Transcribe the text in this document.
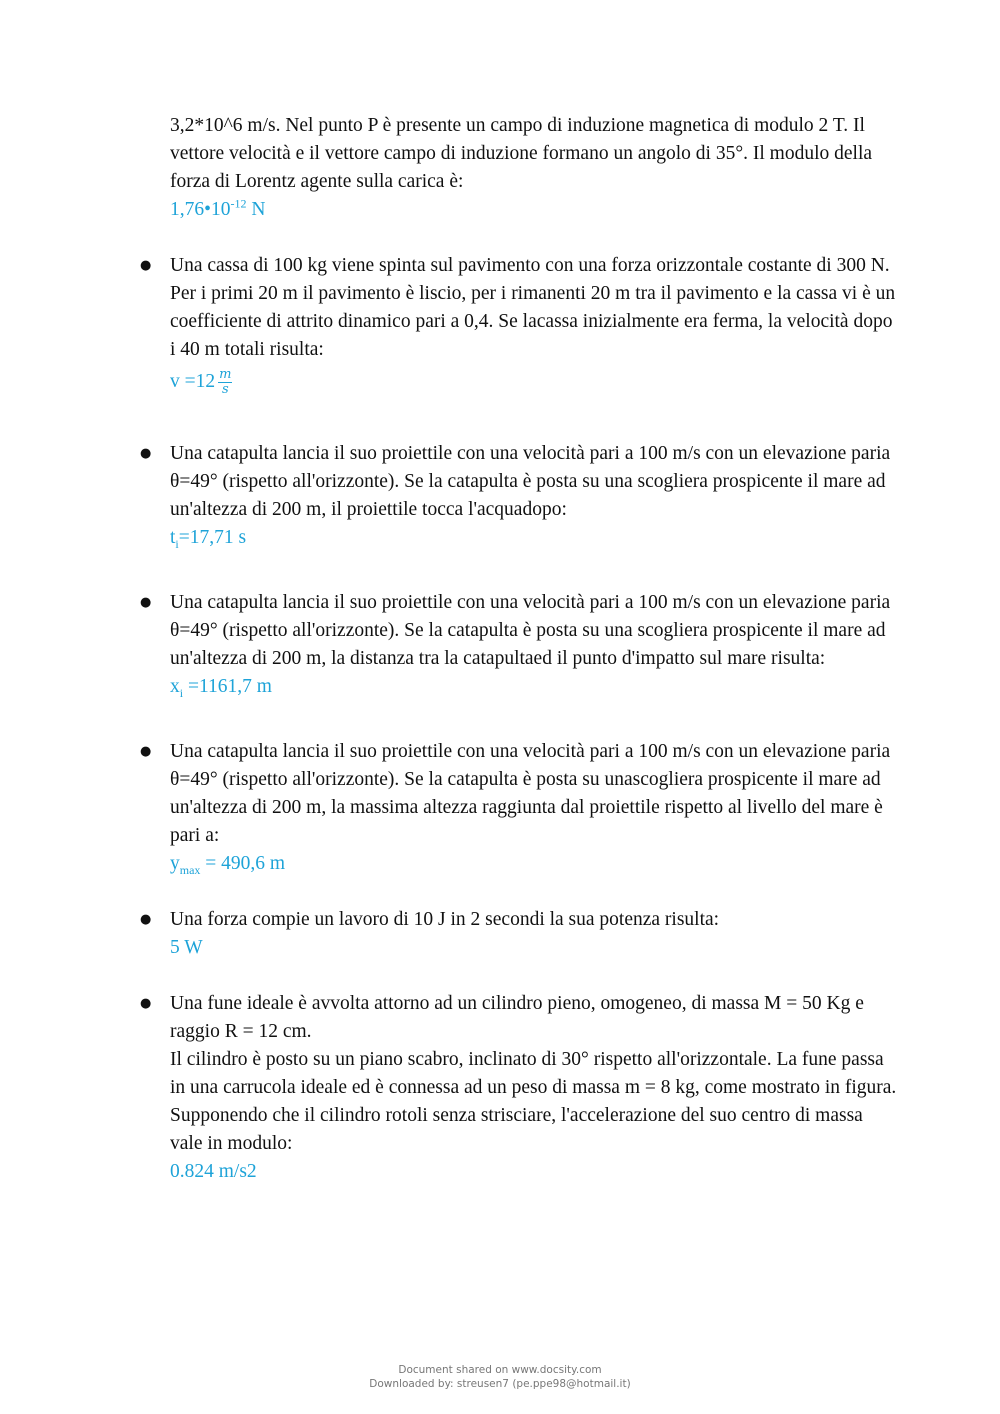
3,2*10^6 m/s. Nel punto P è presente un campo di induzione magnetica di modulo 2 T. Il vettore velocità e il vettore campo di induzione formano un angolo di 35°. Il modulo della forza di Lorentz agente sulla carica è:

$1,76•10^{-12}$ N

● Una cassa di 100 kg viene spinta sul pavimento con una forza orizzontale costante di 300 N. Per i primi 20 m il pavimento è liscio, per i rimanenti 20 m tra il pavimento e la cassa vi è un coefficiente di attrito dinamico pari a 0,4. Se lacassa inizialmente era ferma, la velocità dopo i 40 m totali risulta:

$v =12 \frac{m}{s}$

● Una catapulta lancia il suo proiettile con una velocità pari a 100 m/s con un elevazione paria θ=49° (rispetto all'orizzonte). Se la catapulta è posta su una scogliera prospicente il mare ad un'altezza di 200 m, il proiettile tocca l'acquadopo:

$t_i=17,71$ s

● Una catapulta lancia il suo proiettile con una velocità pari a 100 m/s con un elevazione paria θ=49° (rispetto all'orizzonte). Se la catapulta è posta su una scogliera prospicente il mare ad un'altezza di 200 m, la distanza tra la catapultaed il punto d'impatto sul mare risulta:

$x_i =1161,7$ m

● Una catapulta lancia il suo proiettile con una velocità pari a 100 m/s con un elevazione paria θ=49° (rispetto all'orizzonte). Se la catapulta è posta su unascogliera prospicente il mare ad un'altezza di 200 m, la massima altezza raggiunta dal proiettile rispetto al livello del mare è pari a:

$y_{max} = 490,6$ m

● Una forza compie un lavoro di 10 J in 2 secondi la sua potenza risulta:

5 W

● Una fune ideale è avvolta attorno ad un cilindro pieno, omogeneo, di massa M = 50 Kg e raggio R = 12 cm.

Il cilindro è posto su un piano scabro, inclinato di 30° rispetto all'orizzontale. La fune passa in una carrucola ideale ed è connessa ad un peso di massa m = 8 kg, come mostrato in figura.

Supponendo che il cilindro rotoli senza strisciare, l'accelerazione del suo centro di massa vale in modulo:

0.824 m/s2

Document shared on www.docsity.com
Downloaded by: streusen7 (pe.ppe98@hotmail.it)
